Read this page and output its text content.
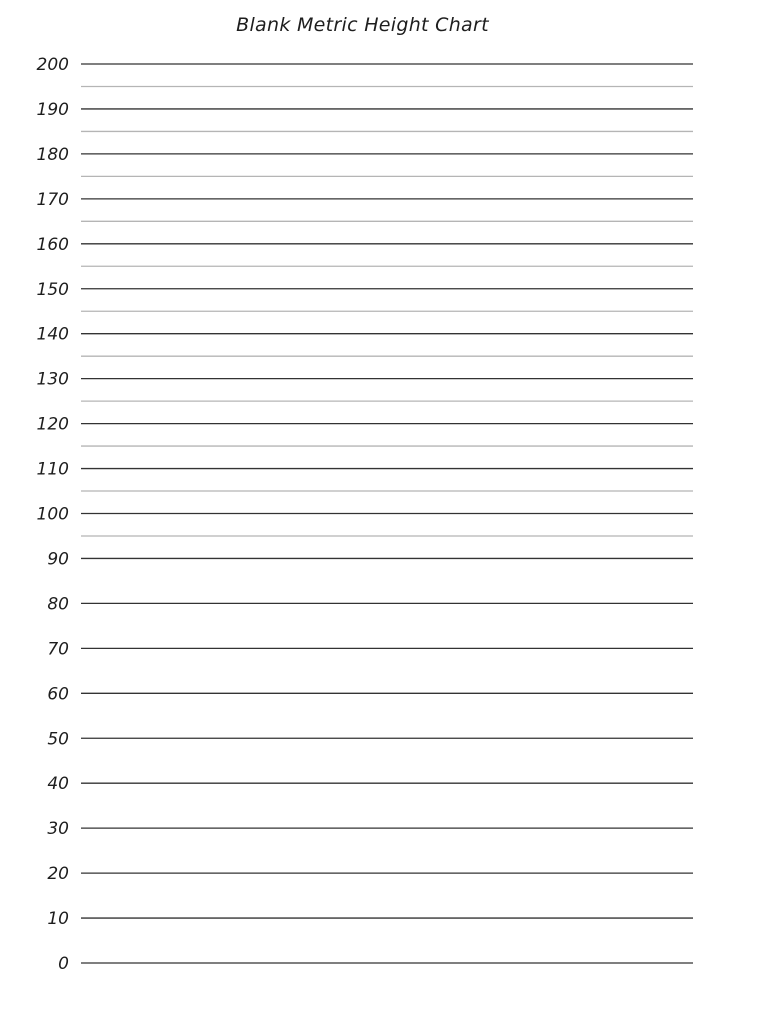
Blank Metric Height Chart
0
10
20
30
40
50
60
70
80
90
100
110
120
130
140
150
160
170
180
190
200
